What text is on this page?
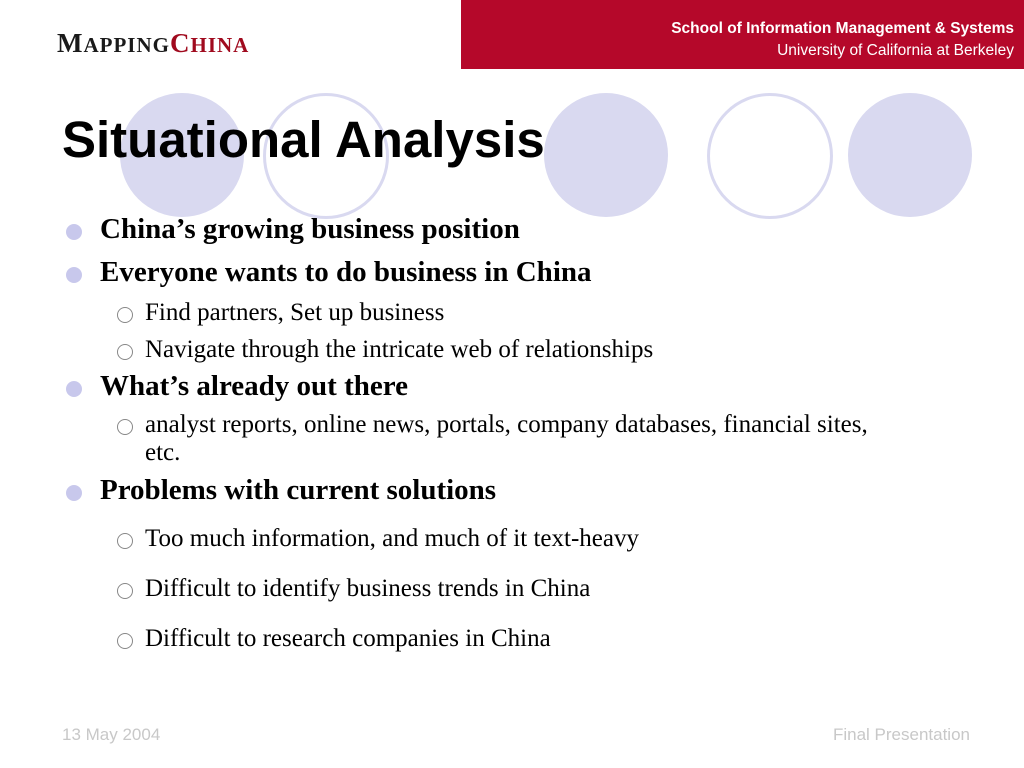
MAPPINGCHINA
School of Information Management & Systems
University of California at Berkeley
Situational Analysis
China’s growing business position
Everyone wants to do business in China
Find partners, Set up business
Navigate through the intricate web of relationships
What’s already out there
analyst reports, online news, portals, company databases, financial sites, etc.
Problems with current solutions
Too much information, and much of it text-heavy
Difficult to identify business trends in China
Difficult to research companies in China
13 May 2004	Final Presentation
